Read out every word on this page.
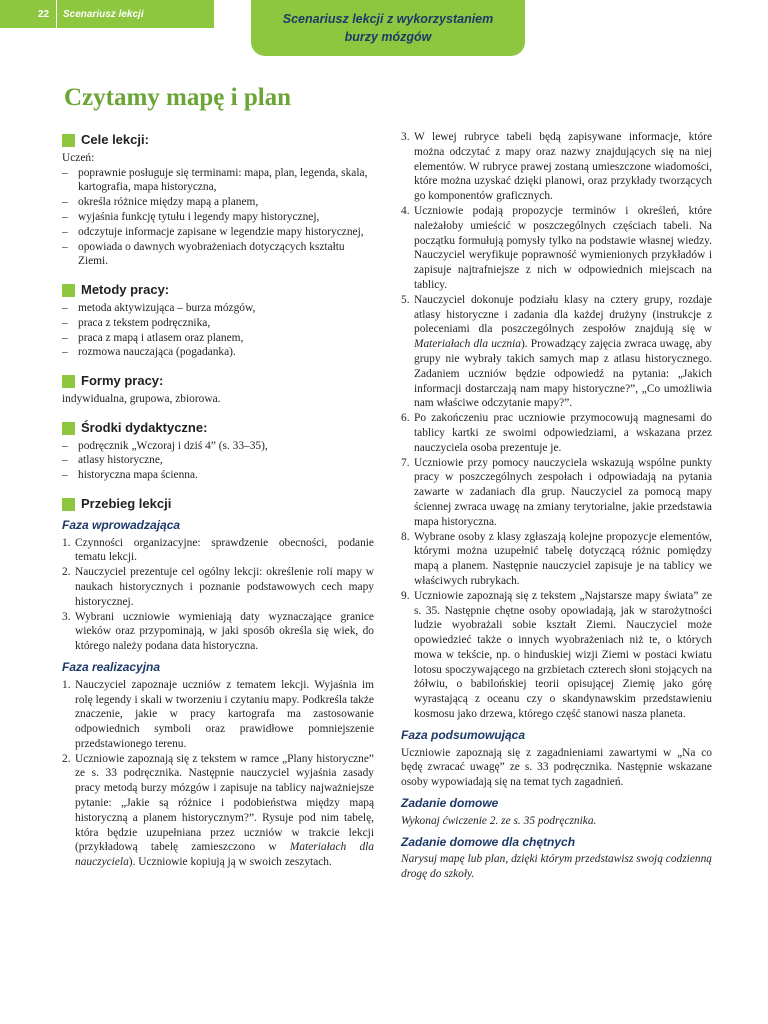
22	Scenariusz lekcji	Scenariusz lekcji z wykorzystaniem
burzy mózgów
Czytamy mapę i plan
Cele lekcji:

Uczeń:

– poprawnie posługuje się terminami: mapa, plan, legenda, skala, kartografia, mapa historyczna,
– określa różnice między mapą a planem,
– wyjaśnia funkcję tytułu i legendy mapy historycznej,
– odczytuje informacje zapisane w legendzie mapy historycznej,
– opowiada o dawnych wyobrażeniach dotyczących kształtu Ziemi.
Metody pracy:
– metoda aktywizująca – burza mózgów,
– praca z tekstem podręcznika,
– praca z mapą i atlasem oraz planem,
– rozmowa nauczająca (pogadanka).
Formy pracy:

indywidualna, grupowa, zbiorowa.

Środki dydaktyczne:
– podręcznik „Wczoraj i dziś 4” (s. 33–35),
– atlasy historyczne,
– historyczna mapa ścienna.
Przebieg lekcji
Faza wprowadzająca
1. Czynności organizacyjne: sprawdzenie obecności, podanie tematu lekcji.
2. Nauczyciel prezentuje cel ogólny lekcji: określenie roli mapy w naukach historycznych i poznanie podstawowych cech mapy historycznej.
3. Wybrani uczniowie wymieniają daty wyznaczające granice wieków oraz przypominają, w jaki sposób określa się wiek, do którego należy podana data historyczna.
Faza realizacyjna
1. Nauczyciel zapoznaje uczniów z tematem lekcji. Wyjaśnia im rolę legendy i skali w tworzeniu i czytaniu mapy. Podkreśla także znaczenie, jakie w pracy kartografa ma zastosowanie odpowiednich symboli oraz prawidłowe pomniejszenie przedstawionego terenu.
2. Uczniowie zapoznają się z tekstem w ramce „Plany historyczne” ze s. 33 podręcznika. Następnie nauczyciel wyjaśnia zasady pracy metodą burzy mózgów i zapisuje na tablicy najważniejsze pytanie: „Jakie są różnice i podobieństwa między mapą historyczną a planem historycznym?”. Rysuje pod nim tabelę, która będzie uzupełniana przez uczniów w trakcie lekcji (przykładową tabelę zamieszczono w Materiałach dla nauczyciela). Uczniowie kopiują ją w swoich zeszytach.
3. W lewej rubryce tabeli będą zapisywane informacje, które można odczytać z mapy oraz nazwy znajdujących się na niej elementów. W rubryce prawej zostaną umieszczone wiadomości, które można uzyskać dzięki planowi, oraz przykłady tworzących go komponentów graficznych.
4. Uczniowie podają propozycje terminów i określeń, które należałoby umieścić w poszczególnych częściach tabeli. Na początku formułują pomysły tylko na podstawie własnej wiedzy. Nauczyciel weryfikuje poprawność wymienionych przykładów i zapisuje najtrafniejsze z nich w odpowiednich miejscach na tablicy.
5. Nauczyciel dokonuje podziału klasy na cztery grupy, rozdaje atlasy historyczne i zadania dla każdej drużyny (instrukcje z poleceniami dla poszczególnych zespołów znajdują się w Materiałach dla ucznia). Prowadzący zajęcia zwraca uwagę, aby grupy nie wybrały takich samych map z atlasu historycznego. Zadaniem uczniów będzie odpowiedź na pytania: „Jakich informacji dostarczają nam mapy historyczne?”, „Co umożliwia nam właściwe odczytanie mapy?”.
6. Po zakończeniu prac uczniowie przymocowują magnesami do tablicy kartki ze swoimi odpowiedziami, a wskazana przez nauczyciela osoba prezentuje je.
7. Uczniowie przy pomocy nauczyciela wskazują wspólne punkty pracy w poszczególnych zespołach i odpowiadają na pytania zawarte w zadaniach dla grup. Nauczyciel za pomocą mapy ściennej zwraca uwagę na zmiany terytorialne, jakie przedstawia mapa historyczna.
8. Wybrane osoby z klasy zgłaszają kolejne propozycje elementów, którymi można uzupełnić tabelę dotyczącą różnic pomiędzy mapą a planem. Następnie nauczyciel zapisuje je na tablicy we właściwych rubrykach.
9. Uczniowie zapoznają się z tekstem „Najstarsze mapy świata” ze s. 35. Następnie chętne osoby opowiadają, jak w starożytności ludzie wyobrażali sobie kształt Ziemi. Nauczyciel może opowiedzieć także o innych wyobrażeniach niż te, o których mowa w tekście, np. o hinduskiej wizji Ziemi w postaci kwiatu lotosu spoczywającego na grzbietach czterech słoni stojących na żółwiu, o babilońskiej teorii opisującej Ziemię jako górę wyrastającą z oceanu czy o skandynawskim przedstawieniu kosmosu jako drzewa, którego część stanowi nasza planeta.
Faza podsumowująca

Uczniowie zapoznają się z zagadnieniami zawartymi w „Na co będę zwracać uwagę” ze s. 33 podręcznika. Następnie wskazane osoby wypowiadają się na temat tych zagadnień.

Zadanie domowe

Wykonaj ćwiczenie 2. ze s. 35 podręcznika.

Zadanie domowe dla chętnych

Narysuj mapę lub plan, dzięki którym przedstawisz swoją codzienną drogę do szkoły.
